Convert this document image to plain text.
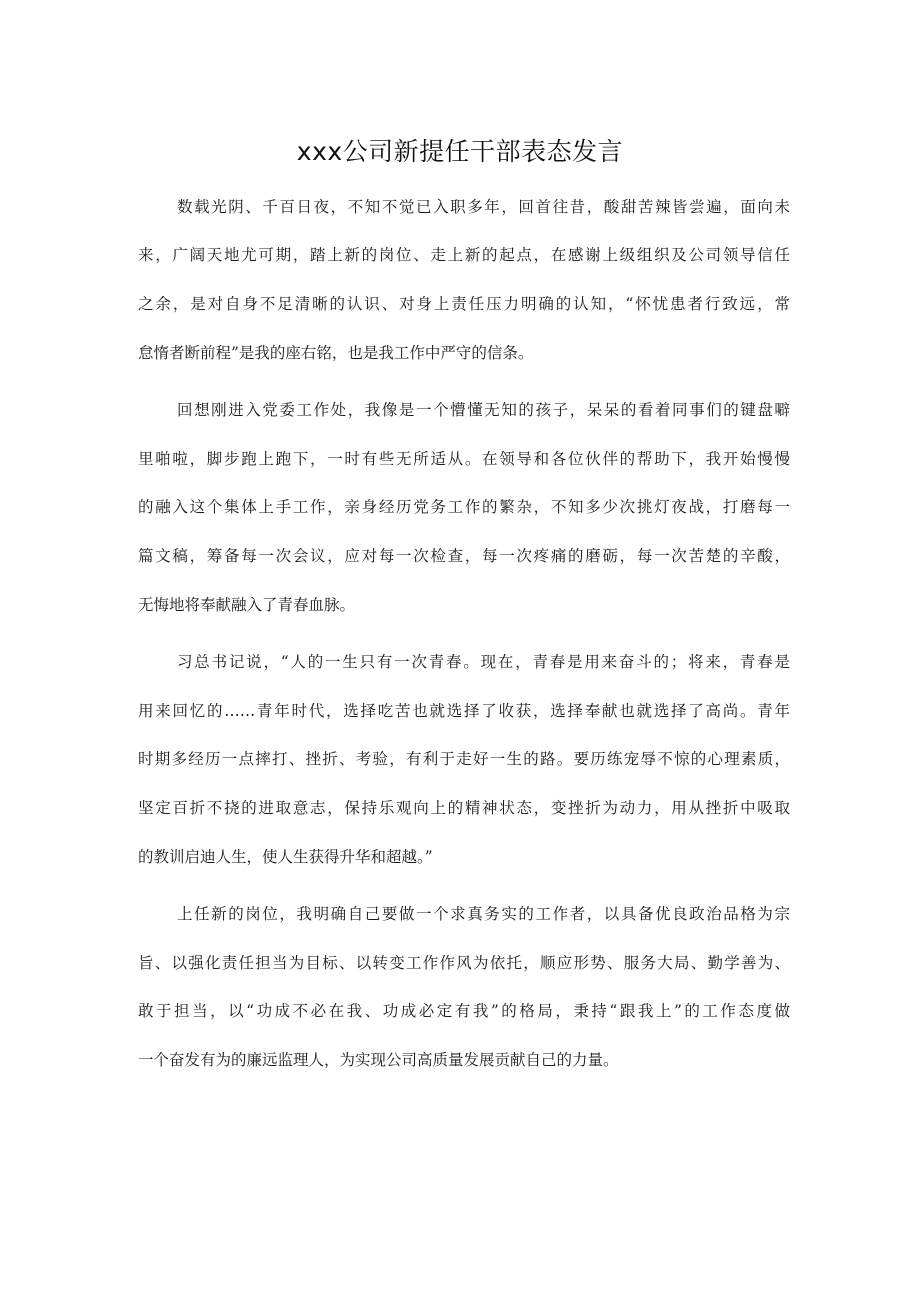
xxx公司新提任干部表态发言

数载光阴、千百日夜，不知不觉已入职多年，回首往昔，酸甜苦辣皆尝遍，面向未

来，广阔天地尤可期，踏上新的岗位、走上新的起点，在感谢上级组织及公司领导信任

之余，是对自身不足清晰的认识、对身上责任压力明确的认知，“怀忧患者行致远，常

怠惰者断前程”是我的座右铭，也是我工作中严守的信条。

回想刚进入党委工作处，我像是一个懵懂无知的孩子，呆呆的看着同事们的键盘噼

里啪啦，脚步跑上跑下，一时有些无所适从。在领导和各位伙伴的帮助下，我开始慢慢

的融入这个集体上手工作，亲身经历党务工作的繁杂，不知多少次挑灯夜战，打磨每一

篇文稿，筹备每一次会议，应对每一次检查，每一次疼痛的磨砺，每一次苦楚的辛酸，

无悔地将奉献融入了青春血脉。

习总书记说，“人的一生只有一次青春。现在，青春是用来奋斗的；将来，青春是

用来回忆的……青年时代，选择吃苦也就选择了收获，选择奉献也就选择了高尚。青年

时期多经历一点摔打、挫折、考验，有利于走好一生的路。要历练宠辱不惊的心理素质，

坚定百折不挠的进取意志，保持乐观向上的精神状态，变挫折为动力，用从挫折中吸取

的教训启迪人生，使人生获得升华和超越。”

上任新的岗位，我明确自己要做一个求真务实的工作者，以具备优良政治品格为宗

旨、以强化责任担当为目标、以转变工作作风为依托，顺应形势、服务大局、勤学善为、

敢于担当，以“功成不必在我、功成必定有我”的格局，秉持“跟我上”的工作态度做

一个奋发有为的廉远监理人，为实现公司高质量发展贡献自己的力量。
